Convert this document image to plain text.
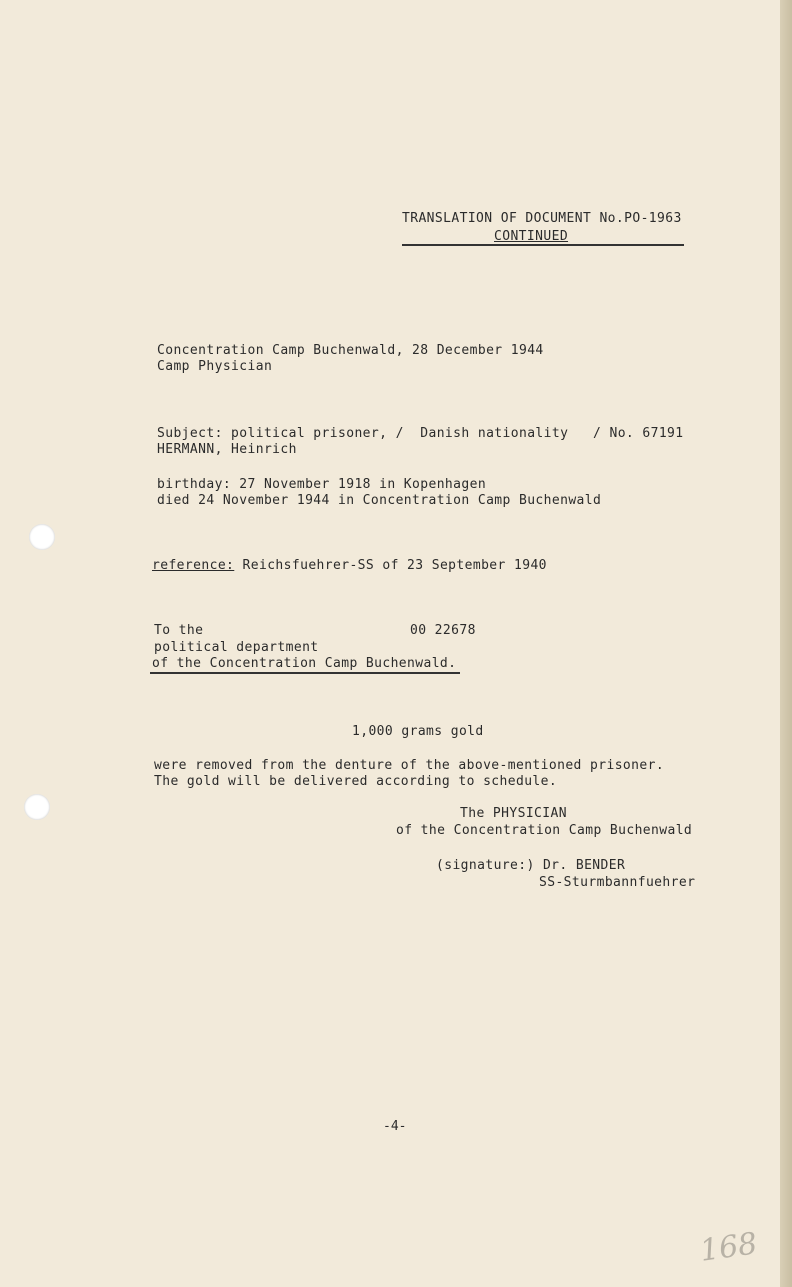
TRANSLATION OF DOCUMENT No.PO-1963
CONTINUED
Concentration Camp Buchenwald, 28 December 1944
Camp Physician
Subject: political prisoner, /  Danish nationality   / No. 67191
HERMANN, Heinrich
birthday: 27 November 1918 in Kopenhagen
died 24 November 1944 in Concentration Camp Buchenwald
reference: Reichsfuehrer-SS of 23 September 1940
To the	00 22678
political department
of the Concentration Camp Buchenwald.
1,000 grams gold
were removed from the denture of the above-mentioned prisoner.
The gold will be delivered according to schedule.
The PHYSICIAN
of the Concentration Camp Buchenwald
(signature:) Dr. BENDER
SS-Sturmbannfuehrer
-4-
168
